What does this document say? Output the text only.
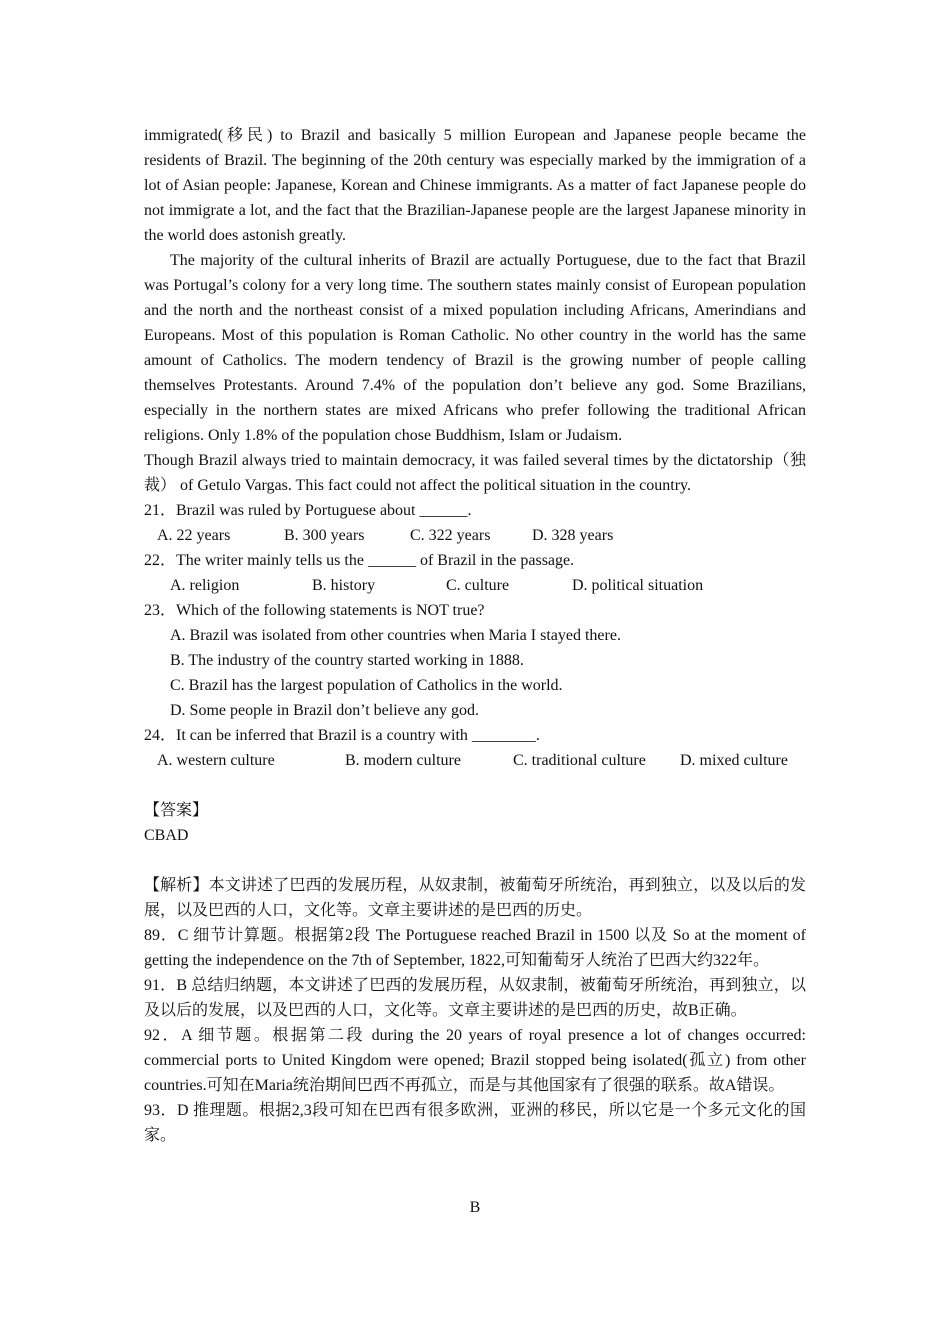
immigrated(移民) to Brazil and basically 5 million European and Japanese people became the residents of Brazil. The beginning of the 20th century was especially marked by the immigration of a lot of Asian people: Japanese, Korean and Chinese immigrants. As a matter of fact Japanese people do not immigrate a lot, and the fact that the Brazilian-Japanese people are the largest Japanese minority in the world does astonish greatly.

The majority of the cultural inherits of Brazil are actually Portuguese, due to the fact that Brazil was Portugal’s colony for a very long time. The southern states mainly consist of European population and the north and the northeast consist of a mixed population including Africans, Amerindians and Europeans. Most of this population is Roman Catholic. No other country in the world has the same amount of Catholics. The modern tendency of Brazil is the growing number of people calling themselves Protestants. Around 7.4% of the population don’t believe any god. Some Brazilians, especially in the northern states are mixed Africans who prefer following the traditional African religions. Only 1.8% of the population chose Buddhism, Islam or Judaism.

Though Brazil always tried to maintain democracy, it was failed several times by the dictatorship（独裁） of Getulo Vargas. This fact could not affect the political situation in the country.

21．Brazil was ruled by Portuguese about ______.

A. 22 years	B. 300 years	C. 322 years	D. 328 years

22．The writer mainly tells us the ______ of Brazil in the passage.

A. religion	B. history	C. culture	D. political situation

23．Which of the following statements is NOT true?

A. Brazil was isolated from other countries when Maria I stayed there.

B. The industry of the country started working in 1888.

C. Brazil has the largest population of Catholics in the world.

D. Some people in Brazil don’t believe any god.

24．It can be inferred that Brazil is a country with ________.

A. western culture	B. modern culture	C. traditional culture	D. mixed culture

【答案】

CBAD

【解析】本文讲述了巴西的发展历程，从奴隶制，被葡萄牙所统治，再到独立，以及以后的发展，以及巴西的人口，文化等。文章主要讲述的是巴西的历史。

89．C 细节计算题。根据第2段 The Portuguese reached Brazil in 1500 以及 So at the moment of getting the independence on the 7th of September, 1822,可知葡萄牙人统治了巴西大约322年。

91．B 总结归纳题，本文讲述了巴西的发展历程，从奴隶制，被葡萄牙所统治，再到独立，以及以后的发展，以及巴西的人口，文化等。文章主要讲述的是巴西的历史，故B正确。

92．A 细节题。根据第二段 during the 20 years of royal presence a lot of changes occurred: commercial ports to United Kingdom were opened; Brazil stopped being isolated(孤立) from other countries.可知在Maria统治期间巴西不再孤立，而是与其他国家有了很强的联系。故A错误。

93．D 推理题。根据2,3段可知在巴西有很多欧洲，亚洲的移民，所以它是一个多元文化的国家。

B
